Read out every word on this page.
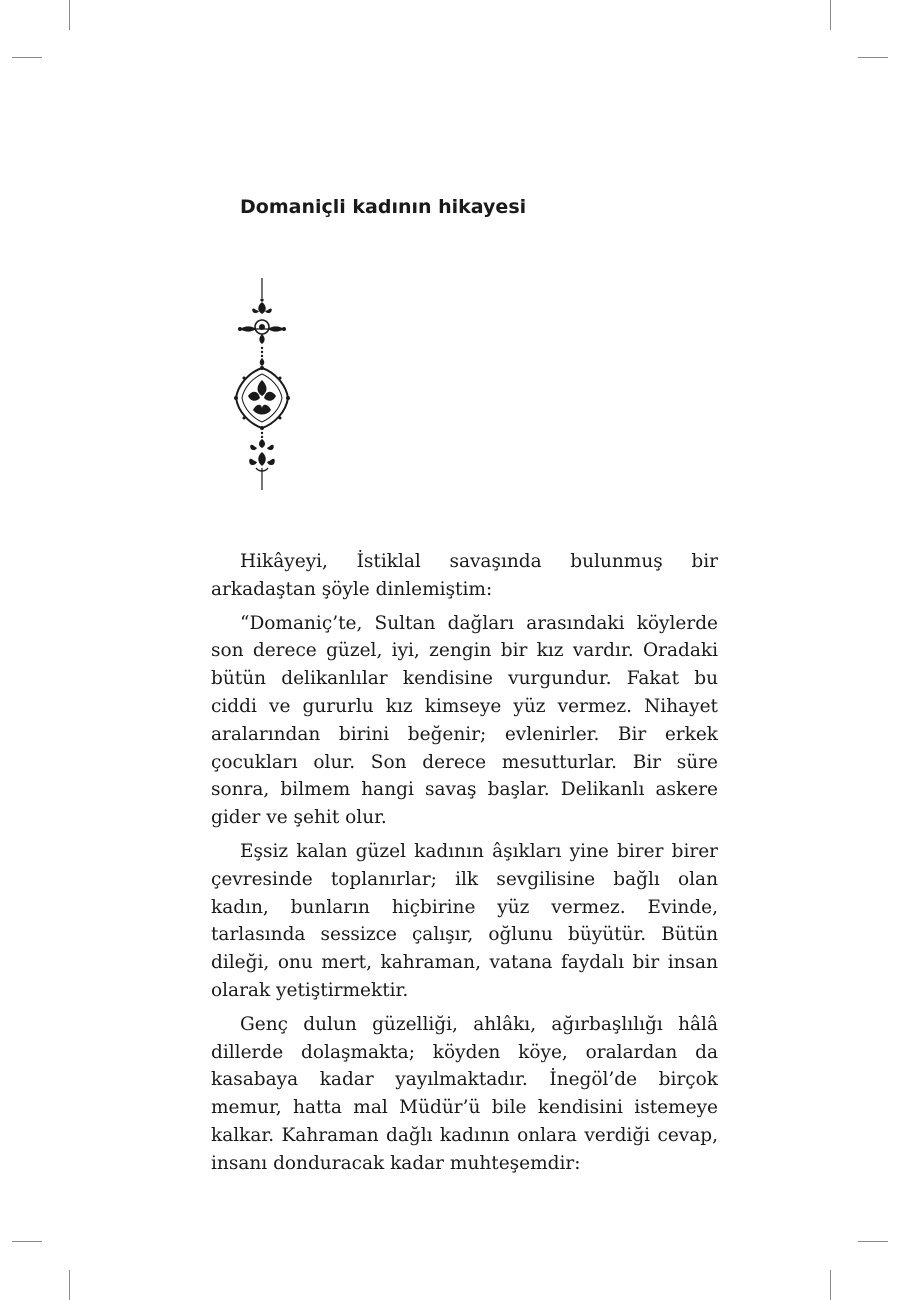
Domaniçli kadının hikayesi

Hikâyeyi, İstiklal savaşında bulunmuş bir arkadaştan şöyle dinlemiştim:

“Domaniç’te, Sultan dağları arasındaki köylerde son derece güzel, iyi, zengin bir kız vardır. Oradaki bütün delikanlılar kendisine vurgundur. Fakat bu ciddi ve gururlu kız kimseye yüz vermez. Nihayet aralarından birini beğenir; evlenirler. Bir erkek çocukları olur. Son derece mesutturlar. Bir süre sonra, bilmem hangi savaş başlar. Delikanlı askere gider ve şehit olur.

Eşsiz kalan güzel kadının âşıkları yine birer birer çevresinde toplanırlar; ilk sevgilisine bağlı olan kadın, bunların hiçbirine yüz vermez. Evinde, tarlasında sessizce çalışır, oğlunu büyütür. Bütün dileği, onu mert, kahraman, vatana faydalı bir insan olarak yetiştirmektir.

Genç dulun güzelliği, ahlâkı, ağırbaşlılığı hâlâ dillerde dolaşmakta; köyden köye, oralardan da kasabaya kadar yayılmaktadır. İnegöl’de birçok memur, hatta mal Müdür’ü bile kendisini istemeye kalkar. Kahraman dağlı kadının onlara verdiği cevap, insanı donduracak kadar muhteşemdir:
